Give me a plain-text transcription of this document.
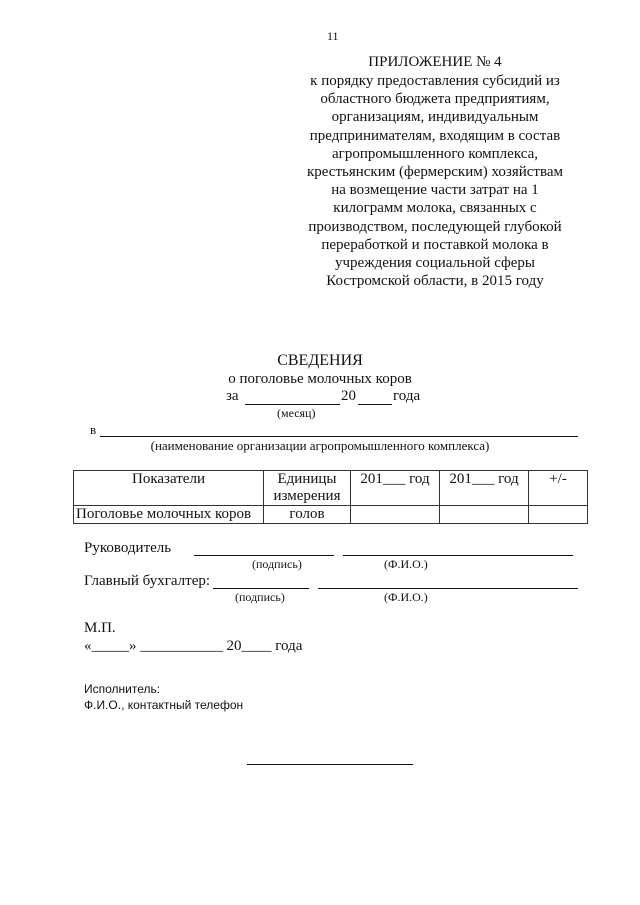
11
ПРИЛОЖЕНИЕ № 4
к порядку предоставления субсидий из
областного бюджета предприятиям,
организациям, индивидуальным
предпринимателям, входящим в состав
агропромышленного комплекса,
крестьянским (фермерским) хозяйствам
на возмещение части затрат на 1
килограмм молока, связанных с
производством, последующей глубокой
переработкой и поставкой молока в
учреждения социальной сферы
Костромской области, в 2015 году
СВЕДЕНИЯ
о поголовье молочных коров
за	20 года
(месяц)
в
(наименование организации агропромышленного комплекса)
Показатели	Единицы измерения	201___ год	201___ год	+/-
Поголовье молочных коров	голов			
Руководитель
(подпись)	(Ф.И.О.)
Главный бухгалтер:
(подпись)	(Ф.И.О.)
М.П.
«_____» ___________ 20____ года
Исполнитель:
Ф.И.О., контактный телефон
